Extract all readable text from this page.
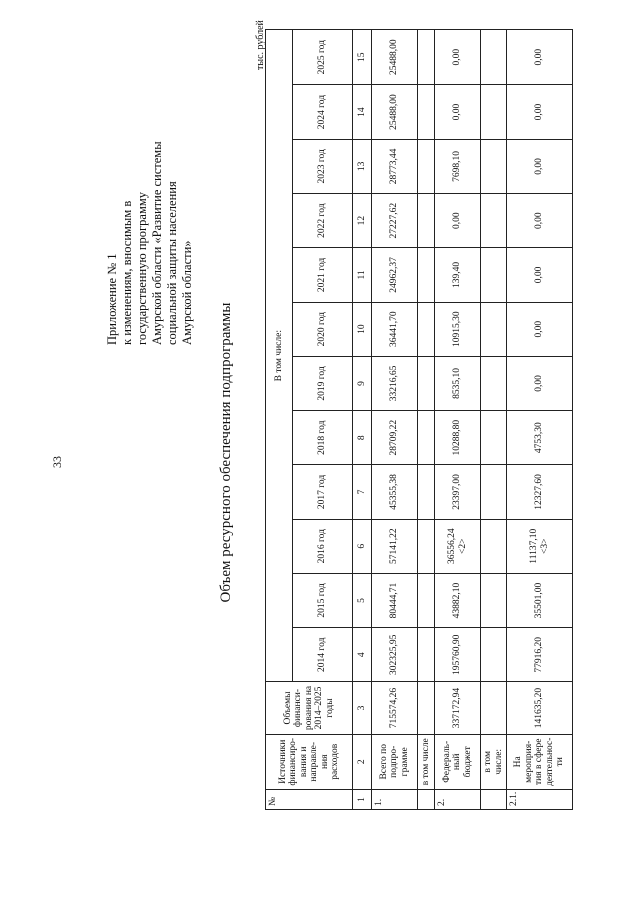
33
Приложение № 1 к изменениям, вносимым в государственную программу Амурской области «Развитие системы социальной защиты населения Амурской области»
Объем ресурсного обеспечения подпрограммы
тыс. рублей
№	Источники финансиро-вания и направле-ния расходов	Объемы финанси-рования на 2014–2025 годы	В том числе:											
			2014 год	2015 год	2016 год	2017 год	2018 год	2019 год	2020 год	2021 год	2022 год	2023 год	2024 год	2025 год
1	2	3	4	5	6	7	8	9	10	11	12	13	14	15
1.	Всего по подпро-грамме	715574,26	302325,95	80444,71	57141,22	45355,38	28709,22	33216,65	36441,70	24962,37	27227,62	28773,44	25488,00	25488,00
	в том числе													
2.	Федераль-ный бюджет	337172,94	195760,90	43882,10	36556,24 <2>	23397,00	10288,80	8535,10	10915,30	139,40	0,00	7698,10	0,00	0,00
	в том числе:													
2.1.	На мероприя-тия в сфере деятельнос-ти	141635,20	77916,20	35501,00	11137,10 <3>	12327,60	4753,30	0,00	0,00	0,00	0,00	0,00	0,00	0,00
